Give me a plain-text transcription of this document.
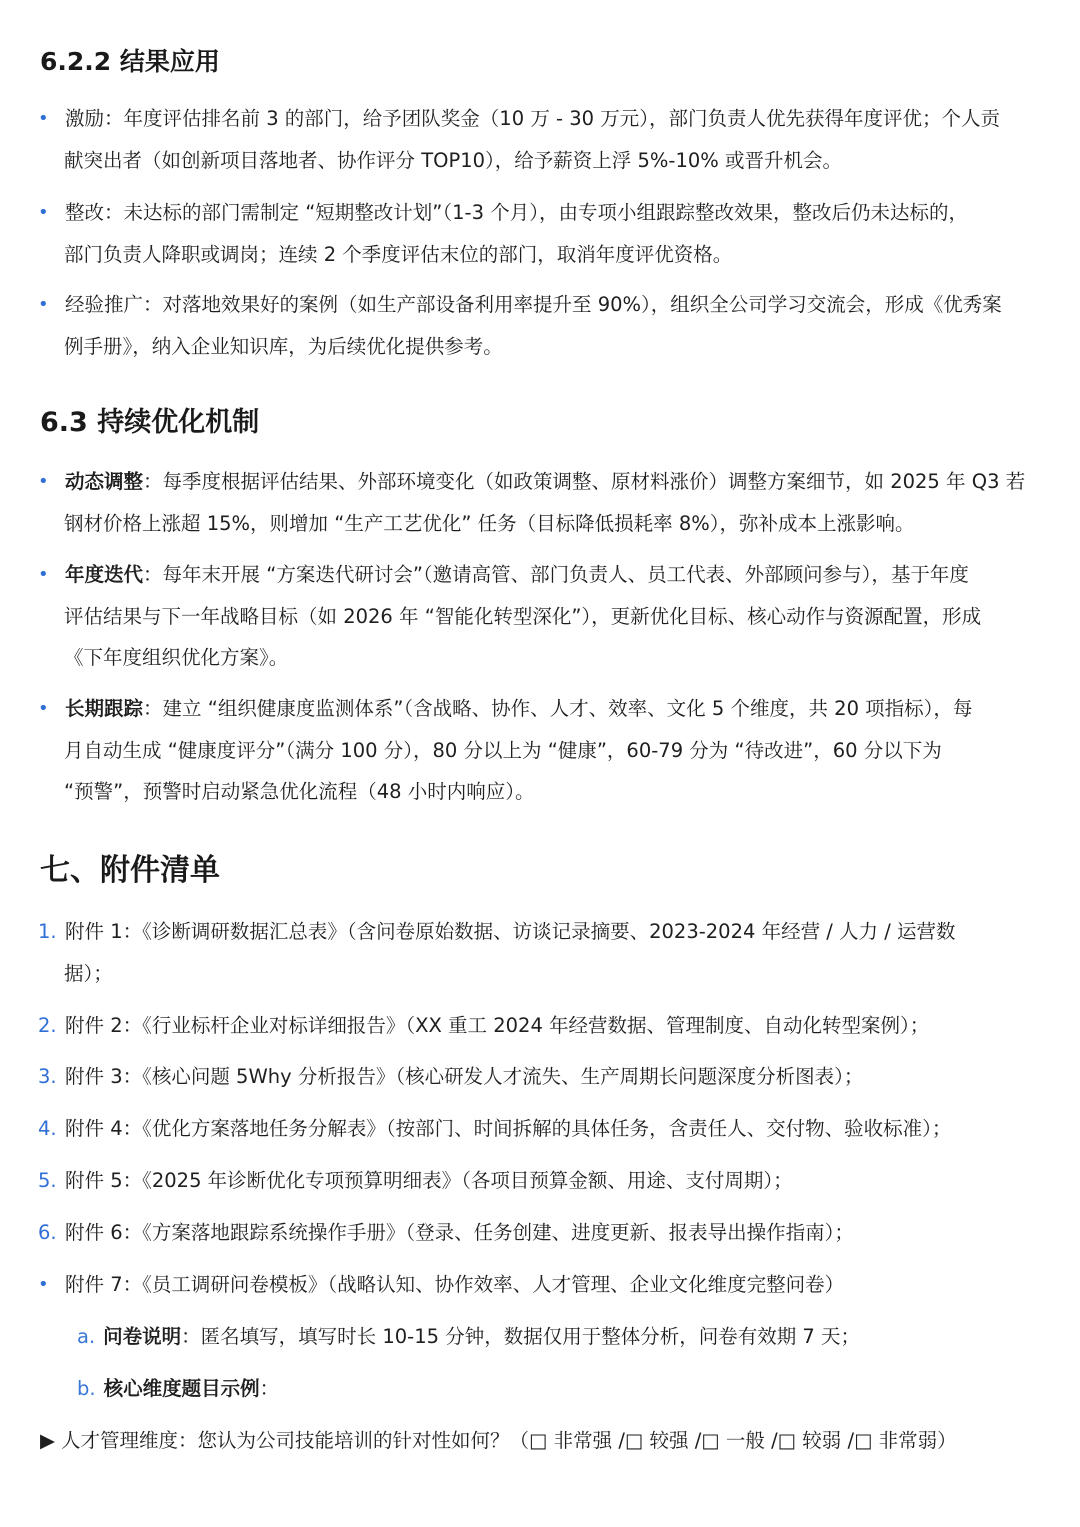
6.2.2 结果应用
• 激励：年度评估排名前 3 的部门，给予团队奖金（10 万 - 30 万元），部门负责人优先获得年度评优；个人贡
献突出者（如创新项目落地者、协作评分 TOP10），给予薪资上浮 5%-10% 或晋升机会。
• 整改：未达标的部门需制定 “短期整改计划”（1-3 个月），由专项小组跟踪整改效果，整改后仍未达标的，
部门负责人降职或调岗；连续 2 个季度评估末位的部门，取消年度评优资格。
• 经验推广：对落地效果好的案例（如生产部设备利用率提升至 90%），组织全公司学习交流会，形成《优秀案
例手册》，纳入企业知识库，为后续优化提供参考。
6.3 持续优化机制
• 动态调整：每季度根据评估结果、外部环境变化（如政策调整、原材料涨价）调整方案细节，如 2025 年 Q3 若
钢材价格上涨超 15%，则增加 “生产工艺优化” 任务（目标降低损耗率 8%），弥补成本上涨影响。
• 年度迭代：每年末开展 “方案迭代研讨会”（邀请高管、部门负责人、员工代表、外部顾问参与），基于年度
评估结果与下一年战略目标（如 2026 年 “智能化转型深化”），更新优化目标、核心动作与资源配置，形成
《下年度组织优化方案》。
• 长期跟踪：建立 “组织健康度监测体系”（含战略、协作、人才、效率、文化 5 个维度，共 20 项指标），每
月自动生成 “健康度评分”（满分 100 分），80 分以上为 “健康”，60-79 分为 “待改进”，60 分以下为
“预警”，预警时启动紧急优化流程（48 小时内响应）。
七、附件清单
1. 附件 1：《诊断调研数据汇总表》（含问卷原始数据、访谈记录摘要、2023-2024 年经营 / 人力 / 运营数
据）；
2. 附件 2：《行业标杆企业对标详细报告》（XX 重工 2024 年经营数据、管理制度、自动化转型案例）；
3. 附件 3：《核心问题 5Why 分析报告》（核心研发人才流失、生产周期长问题深度分析图表）；
4. 附件 4：《优化方案落地任务分解表》（按部门、时间拆解的具体任务，含责任人、交付物、验收标准）；
5. 附件 5：《2025 年诊断优化专项预算明细表》（各项目预算金额、用途、支付周期）；
6. 附件 6：《方案落地跟踪系统操作手册》（登录、任务创建、进度更新、报表导出操作指南）；
• 附件 7：《员工调研问卷模板》（战略认知、协作效率、人才管理、企业文化维度完整问卷）
a. 问卷说明：匿名填写，填写时长 10-15 分钟，数据仅用于整体分析，问卷有效期 7 天；
b. 核心维度题目示例：
▶ 人才管理维度：您认为公司技能培训的针对性如何？（□ 非常强 /□ 较强 /□ 一般 /□ 较弱 /□ 非常弱）
